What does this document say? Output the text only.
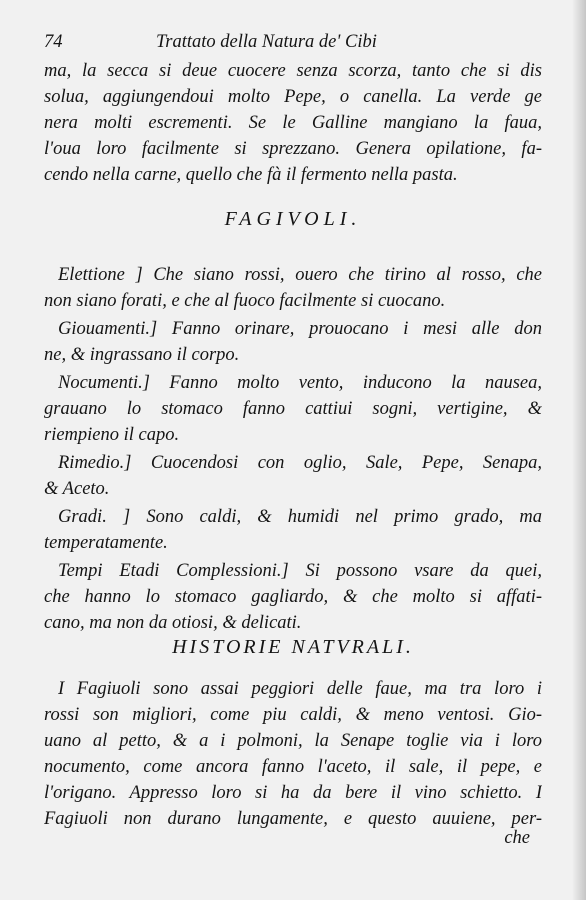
74	Trattato della Natura de' Cibi
ma, la secca si deue cuocere senza scorza, tanto che si dis
solua, aggiungendoui molto Pepe, o canella. La verde ge
nera molti escrementi. Se le Galline mangiano la faua,
l'oua loro facilmente si sprezzano. Genera opilatione, fa-
cendo nella carne, quello che fà il fermento nella pasta.
FAGIVOLI.
Elettione ] Che siano rossi, ouero che tirino al rosso, che
non siano forati, e che al fuoco facilmente si cuocano.
Giouamenti.] Fanno orinare, prouocano i mesi alle don
ne, & ingrassano il corpo.
Nocumenti.] Fanno molto vento, inducono la nausea,
grauano lo stomaco fanno cattiui sogni, vertigine, &
riempieno il capo.
Rimedio.] Cuocendosi con oglio, Sale, Pepe, Senapa,
& Aceto.
Gradi. ] Sono caldi, & humidi nel primo grado, ma
temperatamente.
Tempi Etadi Complessioni.] Si possono vsare da quei,
che hanno lo stomaco gagliardo, & che molto si affati-
cano, ma non da otiosi, & delicati.
HISTORIE NATVRALI.
I Fagiuoli sono assai peggiori delle faue, ma tra loro i
rossi son migliori, come piu caldi, & meno ventosi. Gio-
uano al petto, & a i polmoni, la Senape toglie via i loro
nocumento, come ancora fanno l'aceto, il sale, il pepe, e
l'origano. Appresso loro si ha da bere il vino schietto. I
Fagiuoli non durano lungamente, e questo auuiene, per-
che
